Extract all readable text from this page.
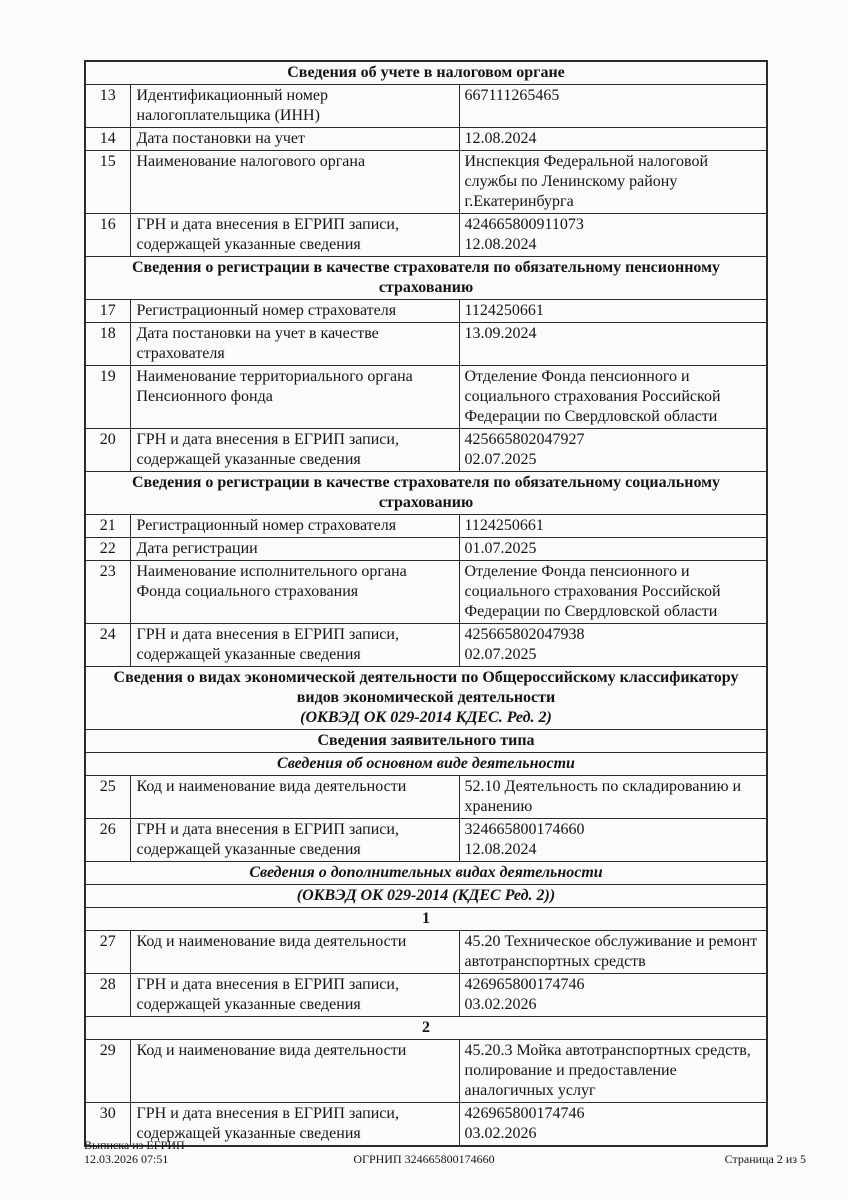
Сведения об учете в налоговом органе		

13	Идентификационный номер налогоплательщика (ИНН)	667111265465

14	Дата постановки на учет	12.08.2024

15	Наименование налогового органа	Инспекция Федеральной налоговой службы по Ленинскому району г.Екатеринбурга

16	ГРН и дата внесения в ЕГРИП записи, содержащей указанные сведения	424665800911073
12.08.2024

Сведения о регистрации в качестве страхователя по обязательному пенсионному страхованию		

17	Регистрационный номер страхователя	1124250661

18	Дата постановки на учет в качестве страхователя	13.09.2024

19	Наименование территориального органа Пенсионного фонда	Отделение Фонда пенсионного и социального страхования Российской Федерации по Свердловской области

20	ГРН и дата внесения в ЕГРИП записи, содержащей указанные сведения	425665802047927
02.07.2025

Сведения о регистрации в качестве страхователя по обязательному социальному страхованию		

21	Регистрационный номер страхователя	1124250661

22	Дата регистрации	01.07.2025

23	Наименование исполнительного органа Фонда социального страхования	Отделение Фонда пенсионного и социального страхования Российской Федерации по Свердловской области

24	ГРН и дата внесения в ЕГРИП записи, содержащей указанные сведения	425665802047938
02.07.2025

Сведения о видах экономической деятельности по Общероссийскому классификатору видов экономической деятельности
(ОКВЭД ОК 029-2014 КДЕС. Ред. 2)		

Сведения заявительного типа		

Сведения об основном виде деятельности		

25	Код и наименование вида деятельности	52.10 Деятельность по складированию и хранению

26	ГРН и дата внесения в ЕГРИП записи, содержащей указанные сведения	324665800174660
12.08.2024

Сведения о дополнительных видах деятельности		

(ОКВЭД ОК 029-2014 (КДЕС Ред. 2))		

1		

27	Код и наименование вида деятельности	45.20 Техническое обслуживание и ремонт автотранспортных средств

28	ГРН и дата внесения в ЕГРИП записи, содержащей указанные сведения	426965800174746
03.02.2026

2		

29	Код и наименование вида деятельности	45.20.3 Мойка автотранспортных средств, полирование и предоставление аналогичных услуг

30	ГРН и дата внесения в ЕГРИП записи, содержащей указанные сведения	426965800174746
03.02.2026
Выписка из ЕГРИП
12.03.2026 07:51	ОГРНИП 324665800174660	Страница 2 из 5
